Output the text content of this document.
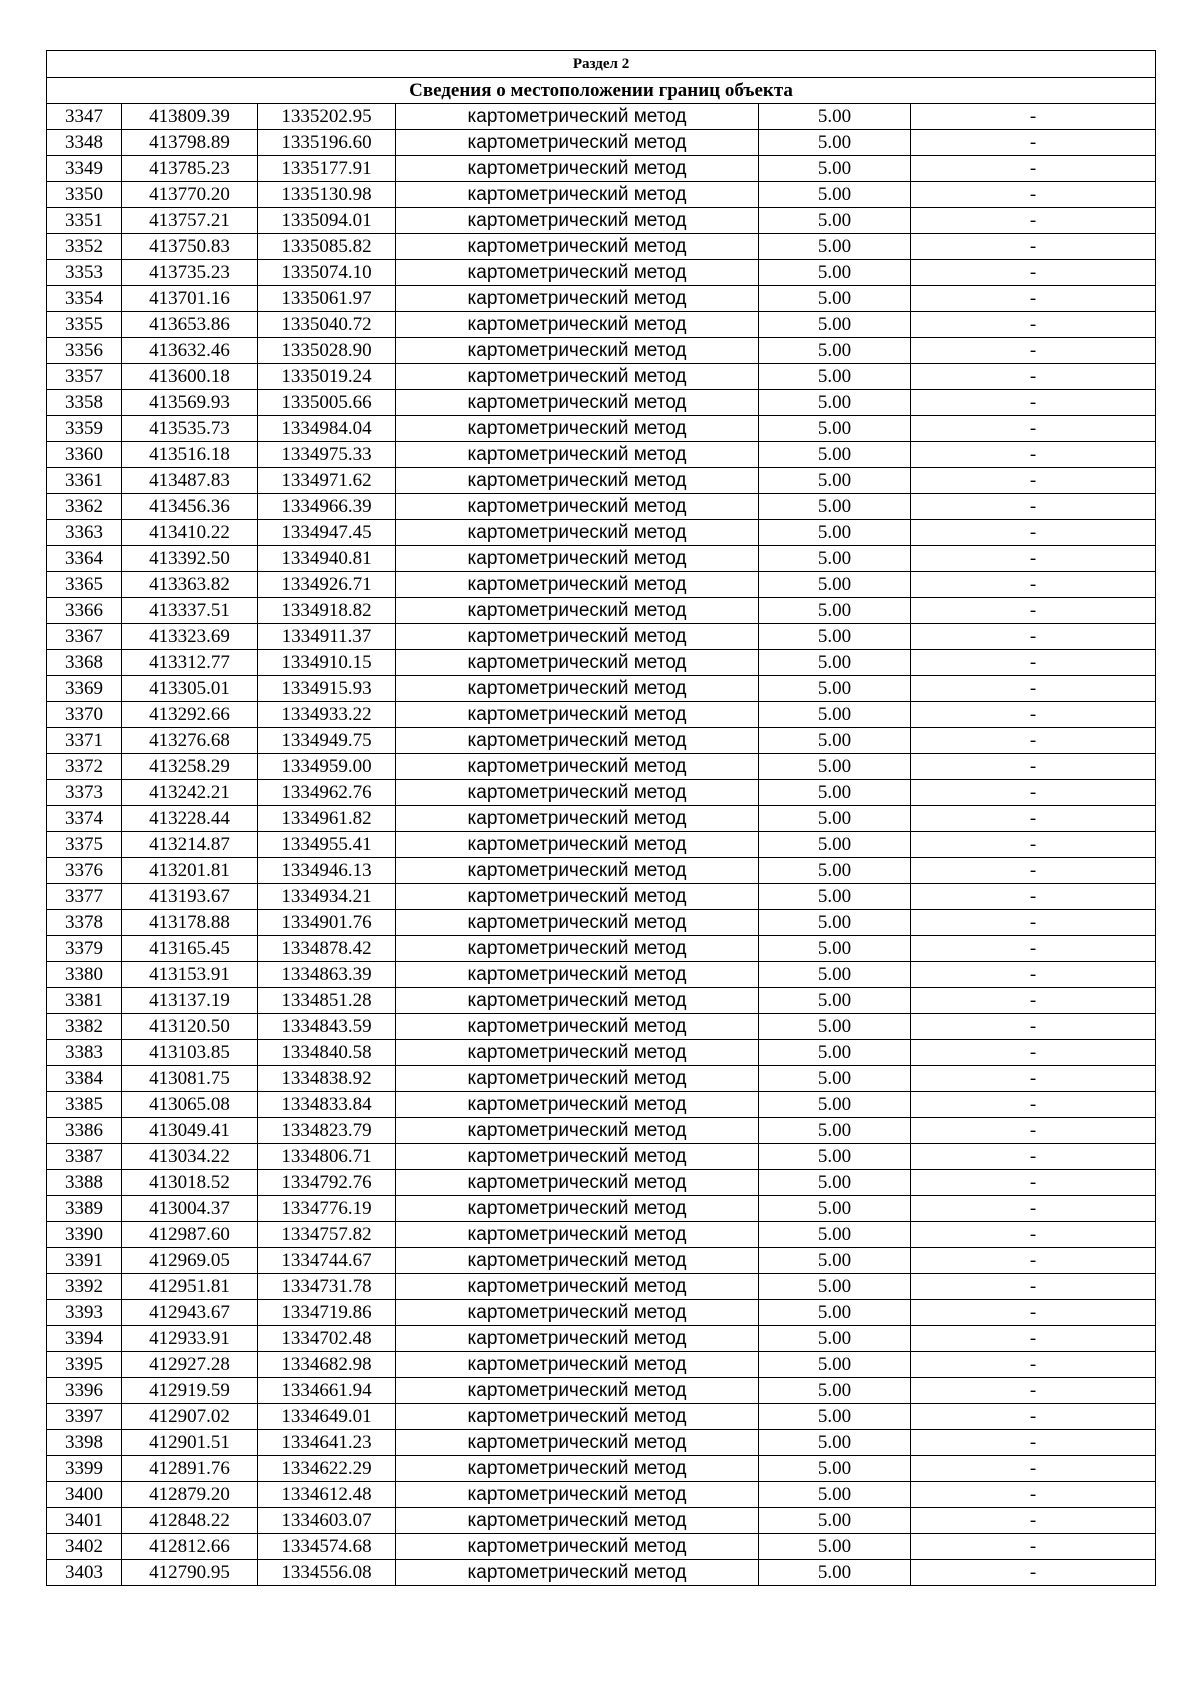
Раздел 2					
Сведения о местоположении границ объекта					
3347	413809.39	1335202.95	картометрический метод	5.00	-
3348	413798.89	1335196.60	картометрический метод	5.00	-
3349	413785.23	1335177.91	картометрический метод	5.00	-
3350	413770.20	1335130.98	картометрический метод	5.00	-
3351	413757.21	1335094.01	картометрический метод	5.00	-
3352	413750.83	1335085.82	картометрический метод	5.00	-
3353	413735.23	1335074.10	картометрический метод	5.00	-
3354	413701.16	1335061.97	картометрический метод	5.00	-
3355	413653.86	1335040.72	картометрический метод	5.00	-
3356	413632.46	1335028.90	картометрический метод	5.00	-
3357	413600.18	1335019.24	картометрический метод	5.00	-
3358	413569.93	1335005.66	картометрический метод	5.00	-
3359	413535.73	1334984.04	картометрический метод	5.00	-
3360	413516.18	1334975.33	картометрический метод	5.00	-
3361	413487.83	1334971.62	картометрический метод	5.00	-
3362	413456.36	1334966.39	картометрический метод	5.00	-
3363	413410.22	1334947.45	картометрический метод	5.00	-
3364	413392.50	1334940.81	картометрический метод	5.00	-
3365	413363.82	1334926.71	картометрический метод	5.00	-
3366	413337.51	1334918.82	картометрический метод	5.00	-
3367	413323.69	1334911.37	картометрический метод	5.00	-
3368	413312.77	1334910.15	картометрический метод	5.00	-
3369	413305.01	1334915.93	картометрический метод	5.00	-
3370	413292.66	1334933.22	картометрический метод	5.00	-
3371	413276.68	1334949.75	картометрический метод	5.00	-
3372	413258.29	1334959.00	картометрический метод	5.00	-
3373	413242.21	1334962.76	картометрический метод	5.00	-
3374	413228.44	1334961.82	картометрический метод	5.00	-
3375	413214.87	1334955.41	картометрический метод	5.00	-
3376	413201.81	1334946.13	картометрический метод	5.00	-
3377	413193.67	1334934.21	картометрический метод	5.00	-
3378	413178.88	1334901.76	картометрический метод	5.00	-
3379	413165.45	1334878.42	картометрический метод	5.00	-
3380	413153.91	1334863.39	картометрический метод	5.00	-
3381	413137.19	1334851.28	картометрический метод	5.00	-
3382	413120.50	1334843.59	картометрический метод	5.00	-
3383	413103.85	1334840.58	картометрический метод	5.00	-
3384	413081.75	1334838.92	картометрический метод	5.00	-
3385	413065.08	1334833.84	картометрический метод	5.00	-
3386	413049.41	1334823.79	картометрический метод	5.00	-
3387	413034.22	1334806.71	картометрический метод	5.00	-
3388	413018.52	1334792.76	картометрический метод	5.00	-
3389	413004.37	1334776.19	картометрический метод	5.00	-
3390	412987.60	1334757.82	картометрический метод	5.00	-
3391	412969.05	1334744.67	картометрический метод	5.00	-
3392	412951.81	1334731.78	картометрический метод	5.00	-
3393	412943.67	1334719.86	картометрический метод	5.00	-
3394	412933.91	1334702.48	картометрический метод	5.00	-
3395	412927.28	1334682.98	картометрический метод	5.00	-
3396	412919.59	1334661.94	картометрический метод	5.00	-
3397	412907.02	1334649.01	картометрический метод	5.00	-
3398	412901.51	1334641.23	картометрический метод	5.00	-
3399	412891.76	1334622.29	картометрический метод	5.00	-
3400	412879.20	1334612.48	картометрический метод	5.00	-
3401	412848.22	1334603.07	картометрический метод	5.00	-
3402	412812.66	1334574.68	картометрический метод	5.00	-
3403	412790.95	1334556.08	картометрический метод	5.00	-
